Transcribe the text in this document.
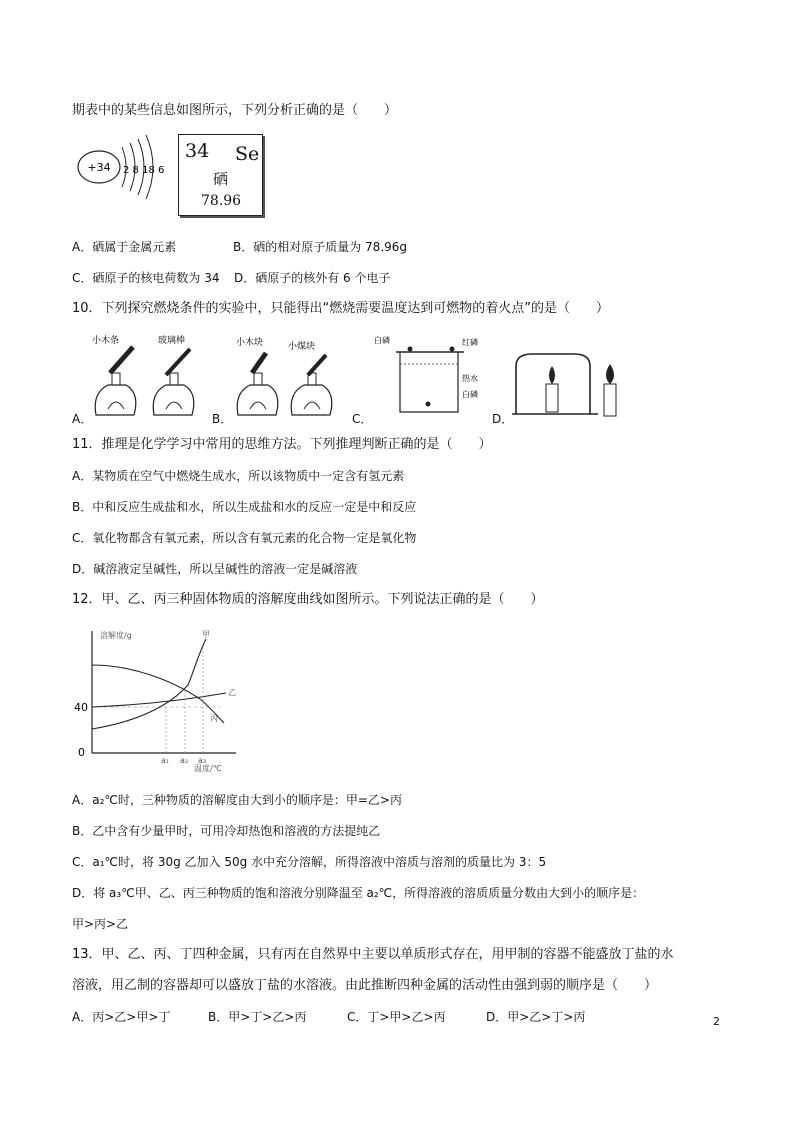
期表中的某些信息如图所示，下列分析正确的是（　　）
+34 2 8 18 6
34 Se
硒
78.96
A．硒属于金属元素	B．硒的相对原子质量为 78.96g
C．硒原子的核电荷数为 34 D．硒原子的核外有 6 个电子
10．下列探究燃烧条件的实验中，只能得出“燃烧需要温度达到可燃物的着火点”的是（　　）
A．	B．	C．	D．
小木条	玻璃棒	小木块	小煤块
白磷	红磷
热水
白磷
11．推理是化学学习中常用的思维方法。下列推理判断正确的是（　　）
A．某物质在空气中燃烧生成水，所以该物质中一定含有氢元素
B．中和反应生成盐和水，所以生成盐和水的反应一定是中和反应
C．氧化物都含有氧元素，所以含有氧元素的化合物一定是氧化物
D．碱溶液定呈碱性，所以呈碱性的溶液一定是碱溶液
12．甲、乙、丙三种固体物质的溶解度曲线如图所示。下列说法正确的是（　　）
溶解度/g
温度/℃
40
0
甲
乙
丙
a₁ a₂ a₃
A．a₂℃时，三种物质的溶解度由大到小的顺序是：甲=乙>丙
B．乙中含有少量甲时，可用冷却热饱和溶液的方法提纯乙
C．a₁℃时，将 30g 乙加入 50g 水中充分溶解，所得溶液中溶质与溶剂的质量比为 3：5
D．将 a₃℃甲、乙、丙三种物质的饱和溶液分别降温至 a₂℃，所得溶液的溶质质量分数由大到小的顺序是：
甲>丙>乙
13．甲、乙、丙、丁四种金属，只有丙在自然界中主要以单质形式存在，用甲制的容器不能盛放丁盐的水
溶液，用乙制的容器却可以盛放丁盐的水溶液。由此推断四种金属的活动性由强到弱的顺序是（　　）
A．丙>乙>甲>丁	B．甲>丁>乙>丙	C．丁>甲>乙>丙	D．甲>乙>丁>丙	2
